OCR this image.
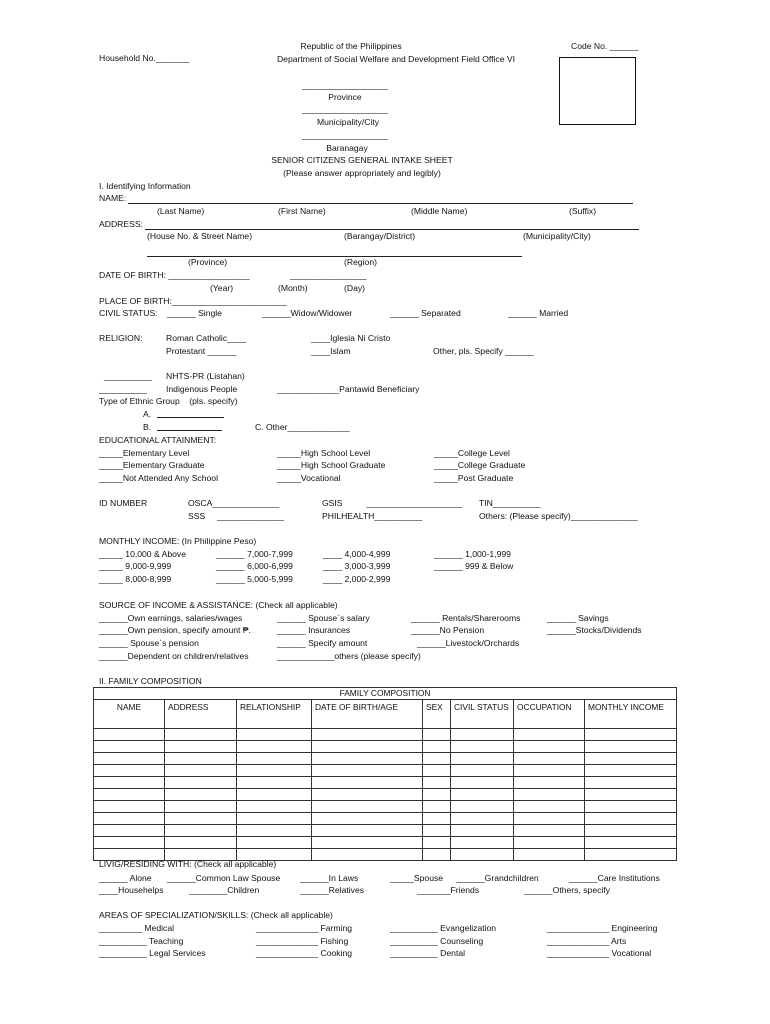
Household No._______
Republic of the Philippines
Department of Social Welfare and Development Field Office VI
Code No. ______
__________________
Province
__________________
Municipality/City
__________________
Baranagay
SENIOR CITIZENS GENERAL INTAKE SHEET
(Please answer appropriately and legibly)
I. Identifying Information
NAME:
(Last Name)	(First Name)	(Middle Name)	(Suffix)
ADDRESS:
(House No. & Street Name)	(Barangay/District)	(Municipality/City)
(Province)	(Region)
DATE OF BIRTH: _________________	________________
(Year)	(Month)	(Day)
PLACE OF BIRTH:________________________
CIVIL STATUS: ______ Single	______Widow/Widower	______ Separated	______ Married
RELIGION:	Roman Catholic____
Protestant ______
____Iglesia Ni Cristo
____Islam	Other, pls. Specify ______
__________ NHTS-PR (Listahan)
__________ Indigenous People	_____________Pantawid Beneficiary
Type of Ethnic Group    (pls. specify)
A.
B.	C. Other_____________
EDUCATIONAL ATTAINMENT:
_____Elementary Level
_____Elementary Graduate
_____Not Attended Any School
_____High School Level
_____High School Graduate
_____Vocational
_____College Level
_____College Graduate
_____Post Graduate
ID NUMBER	OSCA______________
SSS     ______________
GSIS          ____________________
PHILHEALTH__________
TIN__________
Others: (Please specify)______________
MONTHLY INCOME: (In Philippine Peso)
_____ 10,000 & Above
_____ 9,000-9,999
_____ 8,000-8,999
______ 7,000-7,999
______ 6,000-6,999
______ 5,000-5,999
____ 4,000-4,999
____ 3,000-3,999
____ 2,000-2,999
______ 1,000-1,999
______ 999 & Below
SOURCE OF INCOME & ASSISTANCE: (Check all applicable)
______Own earnings, salaries/wages
______Own pension, specify amount ₱.
______ Spouse`s pension
______Dependent on children/relatives
______ Spouse`s salary
______ Insurances
______ Specify amount
____________others (please specify)
______ Rentals/Sharerooms
______No Pension
______Livestock/Orchards
______ Savings
______Stocks/Dividends
II. FAMILY COMPOSITION
FAMILY COMPOSITION							
NAME	ADDRESS	RELATIONSHIP	DATE OF BIRTH/AGE	SEX	CIVIL STATUS	OCCUPATION	MONTHLY INCOME

LIVIG/RESIDING WITH: (Check all applicable)
______ Alone ______Common Law Spouse ______In Laws	_____Spouse ______Grandchildren	______Care Institutions
____Househelps	________Children	______Relatives	_______Friends	______Others, specify
AREAS OF SPECIALIZATION/SKILLS: (Check all applicable)
_________ Medical
__________ Teaching
__________ Legal Services
_____________ Farming
_____________ Fishing
_____________ Cooking
__________ Evangelization
__________ Counseling
__________ Dental
_____________ Engineering
_____________ Arts
_____________ Vocational
